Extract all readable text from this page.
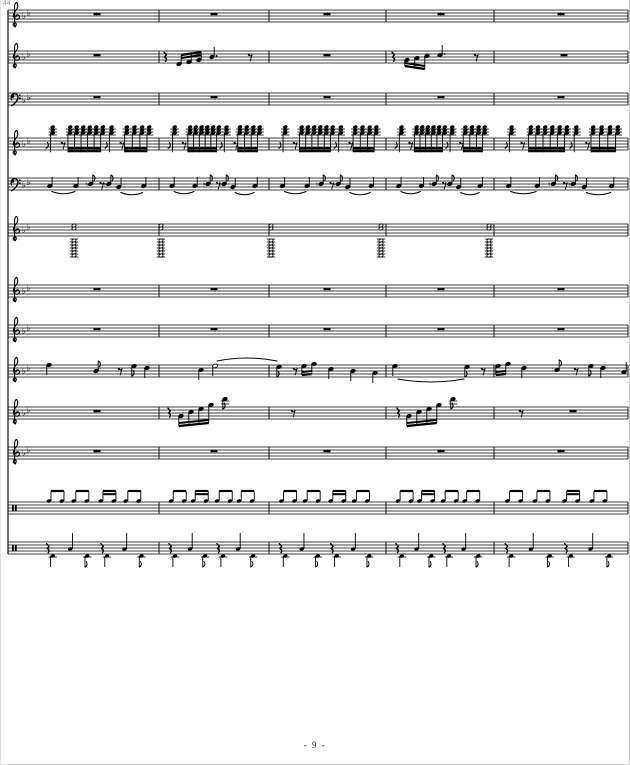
♭ ♭
♭ ♭
♭ ♭
♭ ♭
♭ ♭	♮ ♮	♮ ♮	♮ ♮	♮ ♮	♮	♮
♭ ♭
♭ ♭
♭ ♭
♭ ♭
♭ ♭
♭ ♭
44
- 9 -
